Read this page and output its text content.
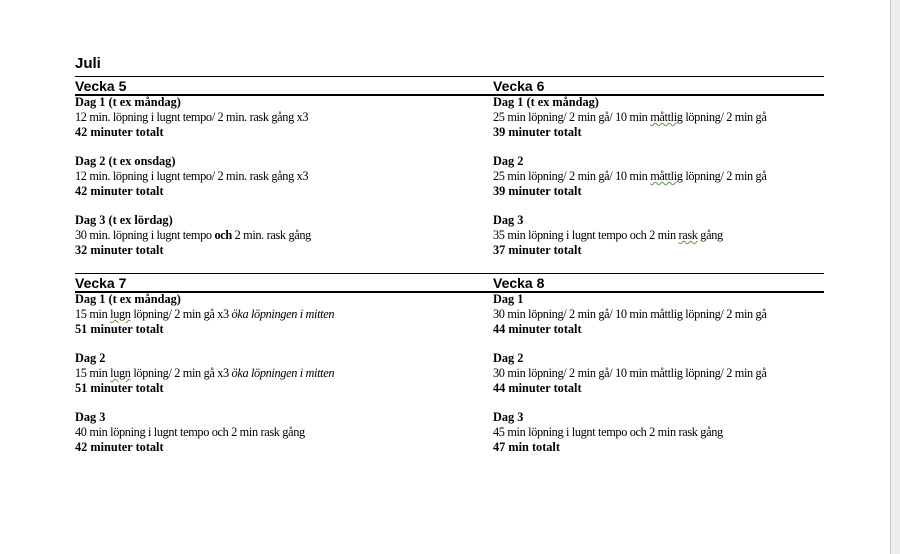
Juli
Vecka 5	Vecka 6
Vecka 7	Vecka 8
Dag 1 (t ex måndag)
12 min. löpning i lugnt tempo/ 2 min. rask gång x3
42 minuter totalt
Dag 2 (t ex onsdag)
12 min. löpning i lugnt tempo/ 2 min. rask gång x3
42 minuter totalt
Dag 3 (t ex lördag)
30 min. löpning i lugnt tempo och 2 min. rask gång
32 minuter totalt
Dag 1 (t ex måndag)
25 min löpning/ 2 min gå/ 10 min måttlig löpning/ 2 min gå
39 minuter totalt
Dag 2
25 min löpning/ 2 min gå/ 10 min måttlig löpning/ 2 min gå
39 minuter totalt
Dag 3
35 min löpning i lugnt tempo och 2 min rask gång
37 minuter totalt
Dag 1 (t ex måndag)
15 min lugn löpning/ 2 min gå x3 öka löpningen i mitten
51 minuter totalt
Dag 2
15 min lugn löpning/ 2 min gå x3 öka löpningen i mitten
51 minuter totalt
Dag 3
40 min löpning i lugnt tempo och 2 min rask gång
42 minuter totalt
Dag 1
30 min löpning/ 2 min gå/ 10 min måttlig löpning/ 2 min gå
44 minuter totalt
Dag 2
30 min löpning/ 2 min gå/ 10 min måttlig löpning/ 2 min gå
44 minuter totalt
Dag 3
45 min löpning i lugnt tempo och 2 min rask gång
47 min totalt
